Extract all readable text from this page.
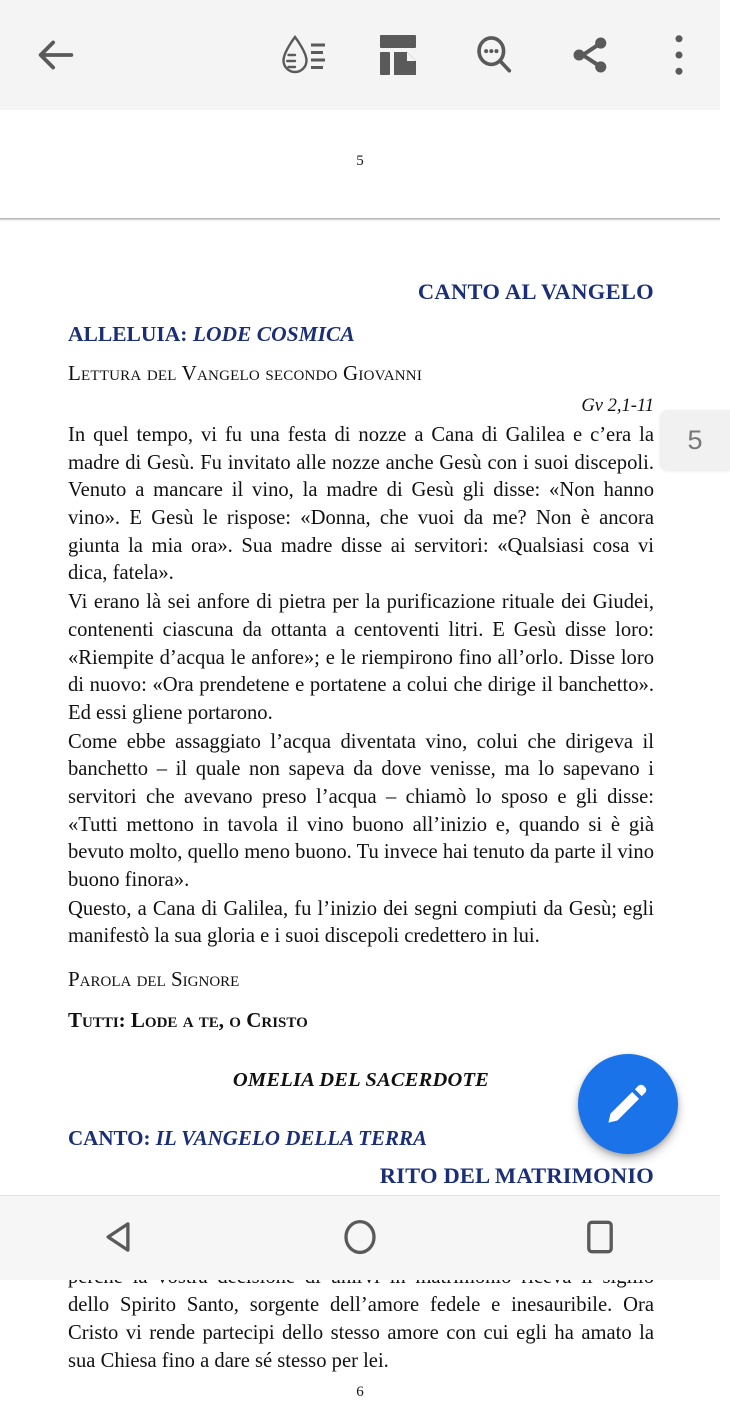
5
CANTO AL VANGELO
ALLELUIA: LODE COSMICA
Lettura del Vangelo secondo Giovanni
Gv 2,1-11

In quel tempo, vi fu una festa di nozze a Cana di Galilea e c’era la madre di Gesù. Fu invitato alle nozze anche Gesù con i suoi discepoli. Venuto a mancare il vino, la madre di Gesù gli disse: «Non hanno vino». E Gesù le rispose: «Donna, che vuoi da me? Non è ancora giunta la mia ora». Sua madre disse ai servitori: «Qualsiasi cosa vi dica, fatela».

Vi erano là sei anfore di pietra per la purificazione rituale dei Giudei, contenenti ciascuna da ottanta a centoventi litri. E Gesù disse loro: «Riempite d’acqua le anfore»; e le riempirono fino all’orlo. Disse loro di nuovo: «Ora prendetene e portatene a colui che dirige il banchetto». Ed essi gliene portarono.

Come ebbe assaggiato l’acqua diventata vino, colui che dirigeva il banchetto – il quale non sapeva da dove venisse, ma lo sapevano i servitori che avevano preso l’acqua – chiamò lo sposo e gli disse: «Tutti mettono in tavola il vino buono all’inizio e, quando si è già bevuto molto, quello meno buono. Tu invece hai tenuto da parte il vino buono finora».

Questo, a Cana di Galilea, fu l’inizio dei segni compiuti da Gesù; egli manifestò la sua gloria e i suoi discepoli credettero in lui.

Parola del Signore
Tutti: Lode a te, o Cristo
OMELIA DEL SACERDOTE
CANTO: IL VANGELO DELLA TERRA
RITO DEL MATRIMONIO

dello Spirito Santo, sorgente dell’amore fedele e inesauribile. Ora Cristo vi rende partecipi dello stesso amore con cui egli ha amato la sua Chiesa fino a dare sé stesso per lei.

6
5
